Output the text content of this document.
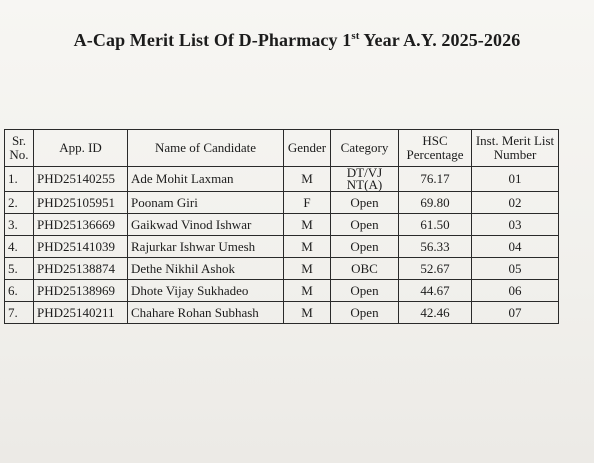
A-Cap Merit List Of D-Pharmacy 1st Year A.Y. 2025-2026
Sr. No.	App. ID	Name of Candidate	Gender	Category	HSC Percentage	Inst. Merit List Number
1.	PHD25140255	Ade Mohit Laxman	M	DT/VJ NT(A)	76.17	01
2.	PHD25105951	Poonam Giri	F	Open	69.80	02
3.	PHD25136669	Gaikwad Vinod Ishwar	M	Open	61.50	03
4.	PHD25141039	Rajurkar Ishwar Umesh	M	Open	56.33	04
5.	PHD25138874	Dethe Nikhil Ashok	M	OBC	52.67	05
6.	PHD25138969	Dhote Vijay Sukhadeo	M	Open	44.67	06
7.	PHD25140211	Chahare Rohan Subhash	M	Open	42.46	07
